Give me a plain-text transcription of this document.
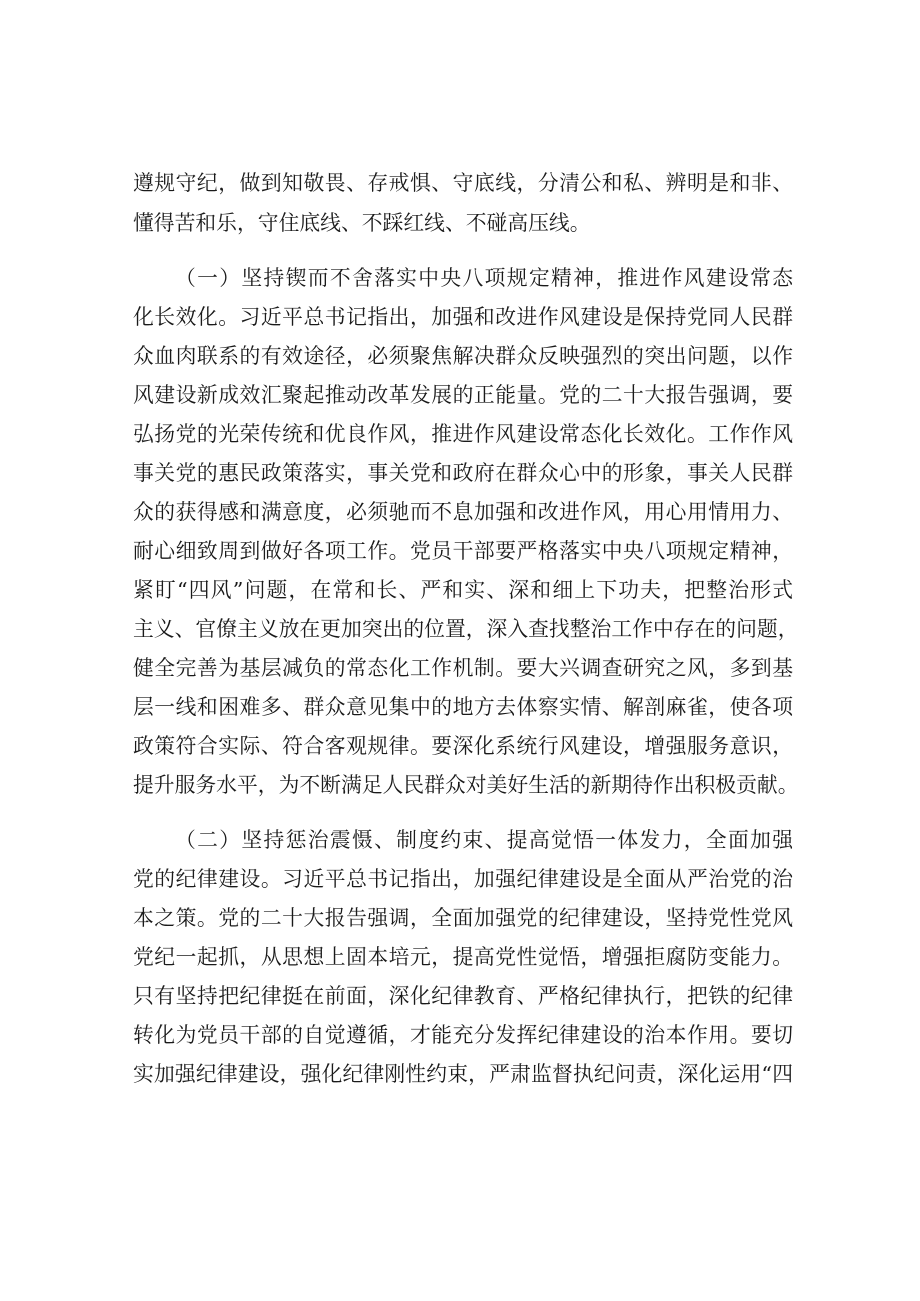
遵规守纪，做到知敬畏、存戒惧、守底线，分清公和私、辨明是和非、
懂得苦和乐，守住底线、不踩红线、不碰高压线。
（一）坚持锲而不舍落实中央八项规定精神，推进作风建设常态
化长效化。习近平总书记指出，加强和改进作风建设是保持党同人民群
众血肉联系的有效途径，必须聚焦解决群众反映强烈的突出问题，以作
风建设新成效汇聚起推动改革发展的正能量。党的二十大报告强调，要
弘扬党的光荣传统和优良作风，推进作风建设常态化长效化。工作作风
事关党的惠民政策落实，事关党和政府在群众心中的形象，事关人民群
众的获得感和满意度，必须驰而不息加强和改进作风，用心用情用力、
耐心细致周到做好各项工作。党员干部要严格落实中央八项规定精神，
紧盯“四风”问题，在常和长、严和实、深和细上下功夫，把整治形式
主义、官僚主义放在更加突出的位置，深入查找整治工作中存在的问题，
健全完善为基层减负的常态化工作机制。要大兴调查研究之风，多到基
层一线和困难多、群众意见集中的地方去体察实情、解剖麻雀，使各项
政策符合实际、符合客观规律。要深化系统行风建设，增强服务意识，
提升服务水平，为不断满足人民群众对美好生活的新期待作出积极贡献。
（二）坚持惩治震慑、制度约束、提高觉悟一体发力，全面加强
党的纪律建设。习近平总书记指出，加强纪律建设是全面从严治党的治
本之策。党的二十大报告强调，全面加强党的纪律建设，坚持党性党风
党纪一起抓，从思想上固本培元，提高党性觉悟，增强拒腐防变能力。
只有坚持把纪律挺在前面，深化纪律教育、严格纪律执行，把铁的纪律
转化为党员干部的自觉遵循，才能充分发挥纪律建设的治本作用。要切
实加强纪律建设，强化纪律刚性约束，严肃监督执纪问责，深化运用“四
